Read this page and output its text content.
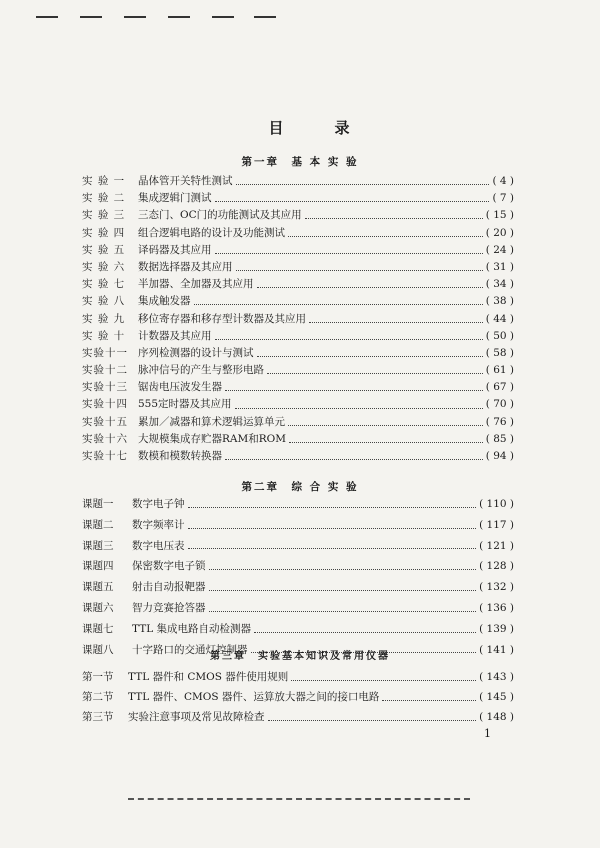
目　录
第一章　基 本 实 验
实 验 一	晶体管开关特性测试	( 4 )
实 验 二	集成逻辑门测试	( 7 )
实 验 三	三态门、OC门的功能测试及其应用	( 15 )
实 验 四	组合逻辑电路的设计及功能测试	( 20 )
实 验 五	译码器及其应用	( 24 )
实 验 六	数据选择器及其应用	( 31 )
实 验 七	半加器、全加器及其应用	( 34 )
实 验 八	集成触发器	( 38 )
实 验 九	移位寄存器和移存型计数器及其应用	( 44 )
实 验 十	计数器及其应用	( 50 )
实验十一 序列检测器的设计与测试	( 58 )
实验十二 脉冲信号的产生与整形电路	( 61 )
实验十三 锯齿电压波发生器	( 67 )
实验十四 555定时器及其应用	( 70 )
实验十五 累加／减器和算术逻辑运算单元	( 76 )
实验十六 大规模集成存贮器RAM和ROM	( 85 )
实验十七 数模和模数转换器	( 94 )
第二章　综 合 实 验
课题一	数字电子钟	( 110 )
课题二	数字频率计	( 117 )
课题三	数字电压表	( 121 )
课题四	保密数字电子锁	( 128 )
课题五	射击自动报靶器	( 132 )
课题六	智力竞赛抢答器	( 136 )
课题七	TTL 集成电路自动检测器	( 139 )
课题八	十字路口的交通灯控制器	( 141 )
第三章　实验基本知识及常用仪器
第一节	TTL 器件和 CMOS 器件使用规则	( 143 )
第二节	TTL 器件、CMOS 器件、运算放大器之间的接口电路	( 145 )
第三节	实验注意事项及常见故障检查	( 148 )
1
